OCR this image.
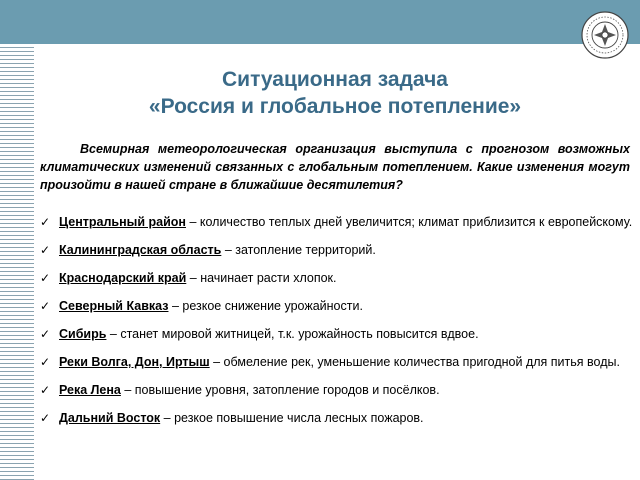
Ситуационная задача
«Россия и глобальное потепление»

Всемирная метеорологическая организация выступила с прогнозом возможных климатических изменений связанных с глобальным потеплением. Какие изменения могут произойти в нашей стране в ближайшие десятилетия?

✓ Центральный район – количество теплых дней увеличится; климат приблизится к европейскому.
✓ Калининградская область – затопление территорий.
✓ Краснодарский край – начинает расти хлопок.
✓ Северный Кавказ – резкое снижение урожайности.
✓ Сибирь – станет мировой житницей, т.к. урожайность повысится вдвое.
✓ Реки Волга, Дон, Иртыш – обмеление рек, уменьшение количества пригодной для питья воды.
✓ Река Лена – повышение уровня, затопление городов и посёлков.
✓ Дальний Восток – резкое повышение числа лесных пожаров.
